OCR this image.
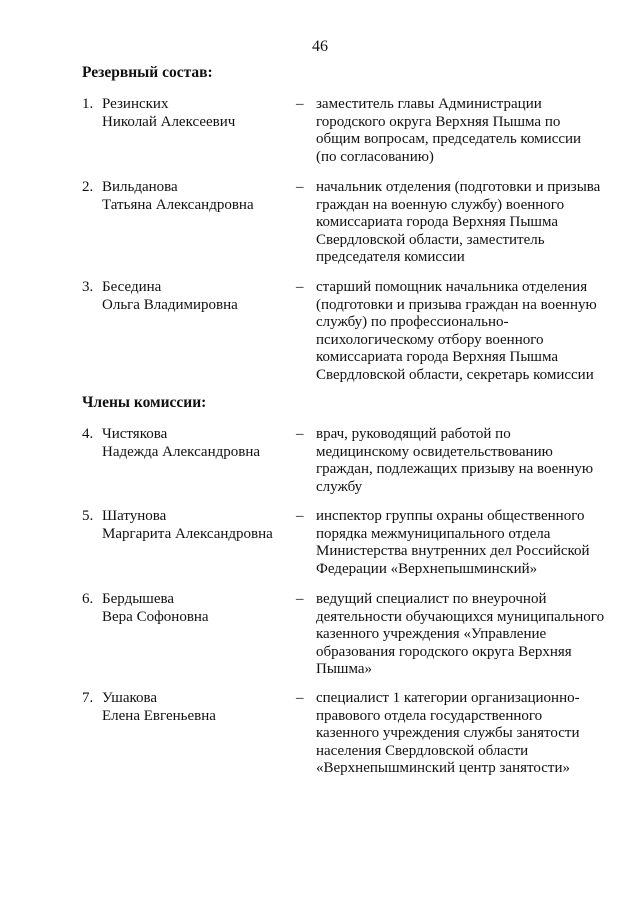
46
Резервный состав:
1. Резинских
Николай Алексеевич
– заместитель главы Администрации
городского округа Верхняя Пышма по
общим вопросам, председатель комиссии
(по согласованию)
2. Вильданова
Татьяна Александровна
– начальник отделения (подготовки и призыва
граждан на военную службу) военного
комиссариата города Верхняя Пышма
Свердловской области, заместитель
председателя комиссии
3. Беседина
Ольга Владимировна
– старший помощник начальника отделения
(подготовки и призыва граждан на военную
службу) по профессионально-
психологическому отбору военного
комиссариата города Верхняя Пышма
Свердловской области, секретарь комиссии
Члены комиссии:
4. Чистякова
Надежда Александровна
– врач, руководящий работой по
медицинскому освидетельствованию
граждан, подлежащих призыву на военную
службу
5. Шатунова
Маргарита Александровна
– инспектор группы охраны общественного
порядка межмуниципального отдела
Министерства внутренних дел Российской
Федерации «Верхнепышминский»
6. Бердышева
Вера Софоновна
– ведущий специалист по внеурочной
деятельности обучающихся муниципального
казенного учреждения «Управление
образования городского округа Верхняя
Пышма»
7. Ушакова
Елена Евгеньевна
– специалист 1 категории организационно-
правового отдела государственного
казенного учреждения службы занятости
населения Свердловской области
«Верхнепышминский центр занятости»
